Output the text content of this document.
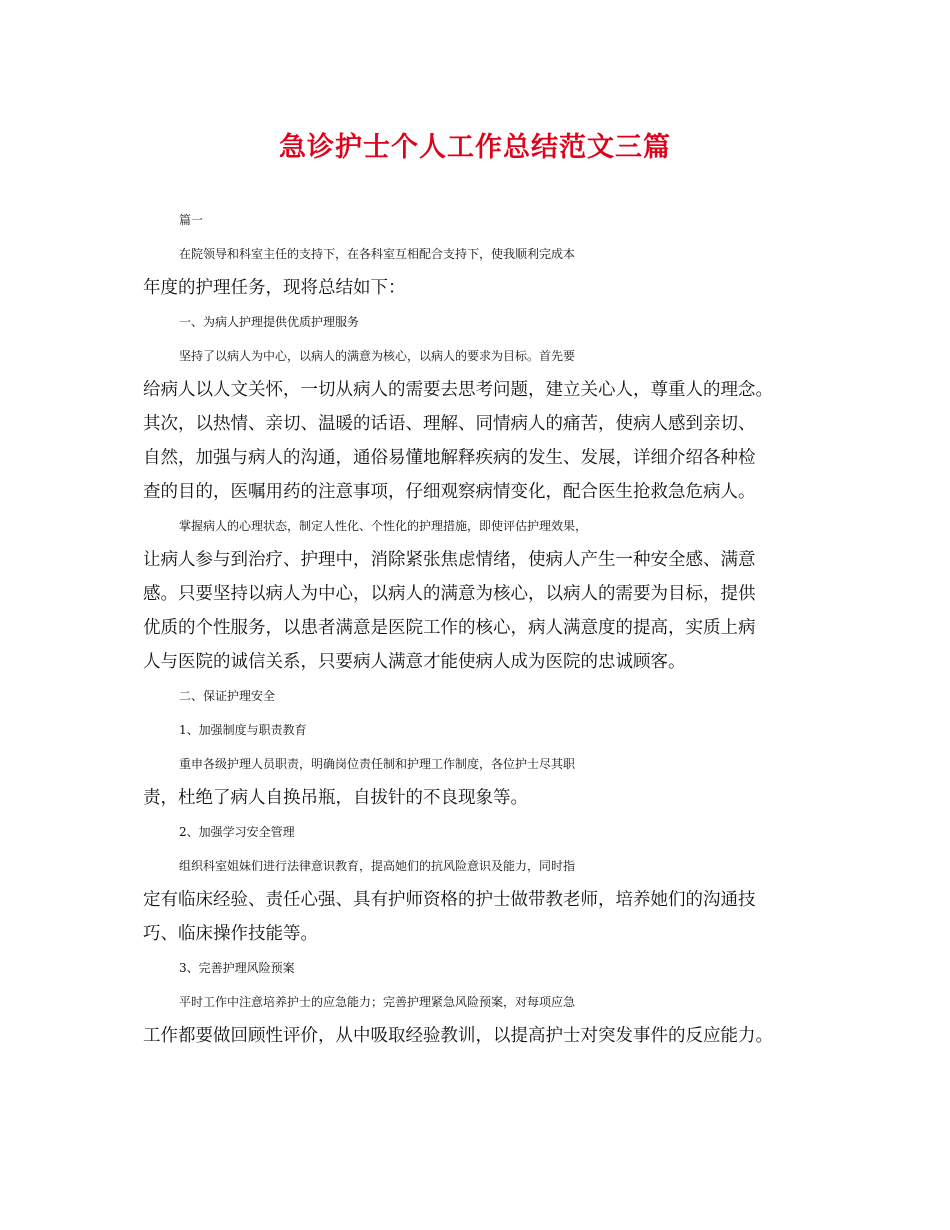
急诊护士个人工作总结范文三篇
篇一
在院领导和科室主任的支持下，在各科室互相配合支持下，使我顺利完成本
年度的护理任务，现将总结如下：
一、为病人护理提供优质护理服务
坚持了以病人为中心，以病人的满意为核心，以病人的要求为目标。首先要
给病人以人文关怀，一切从病人的需要去思考问题，建立关心人，尊重人的理念。
其次，以热情、亲切、温暖的话语、理解、同情病人的痛苦，使病人感到亲切、
自然，加强与病人的沟通，通俗易懂地解释疾病的发生、发展，详细介绍各种检
查的目的，医嘱用药的注意事项，仔细观察病情变化，配合医生抢救急危病人。
掌握病人的心理状态，制定人性化、个性化的护理措施，即使评估护理效果，
让病人参与到治疗、护理中，消除紧张焦虑情绪，使病人产生一种安全感、满意
感。只要坚持以病人为中心，以病人的满意为核心，以病人的需要为目标，提供
优质的个性服务，以患者满意是医院工作的核心，病人满意度的提高，实质上病
人与医院的诚信关系，只要病人满意才能使病人成为医院的忠诚顾客。
二、保证护理安全
1、加强制度与职责教育
重申各级护理人员职责，明确岗位责任制和护理工作制度，各位护士尽其职
责，杜绝了病人自换吊瓶，自拔针的不良现象等。
2、加强学习安全管理
组织科室姐妹们进行法律意识教育，提高她们的抗风险意识及能力，同时指
定有临床经验、责任心强、具有护师资格的护士做带教老师，培养她们的沟通技
巧、临床操作技能等。
3、完善护理风险预案
平时工作中注意培养护士的应急能力；完善护理紧急风险预案，对每项应急
工作都要做回顾性评价，从中吸取经验教训，以提高护士对突发事件的反应能力。
